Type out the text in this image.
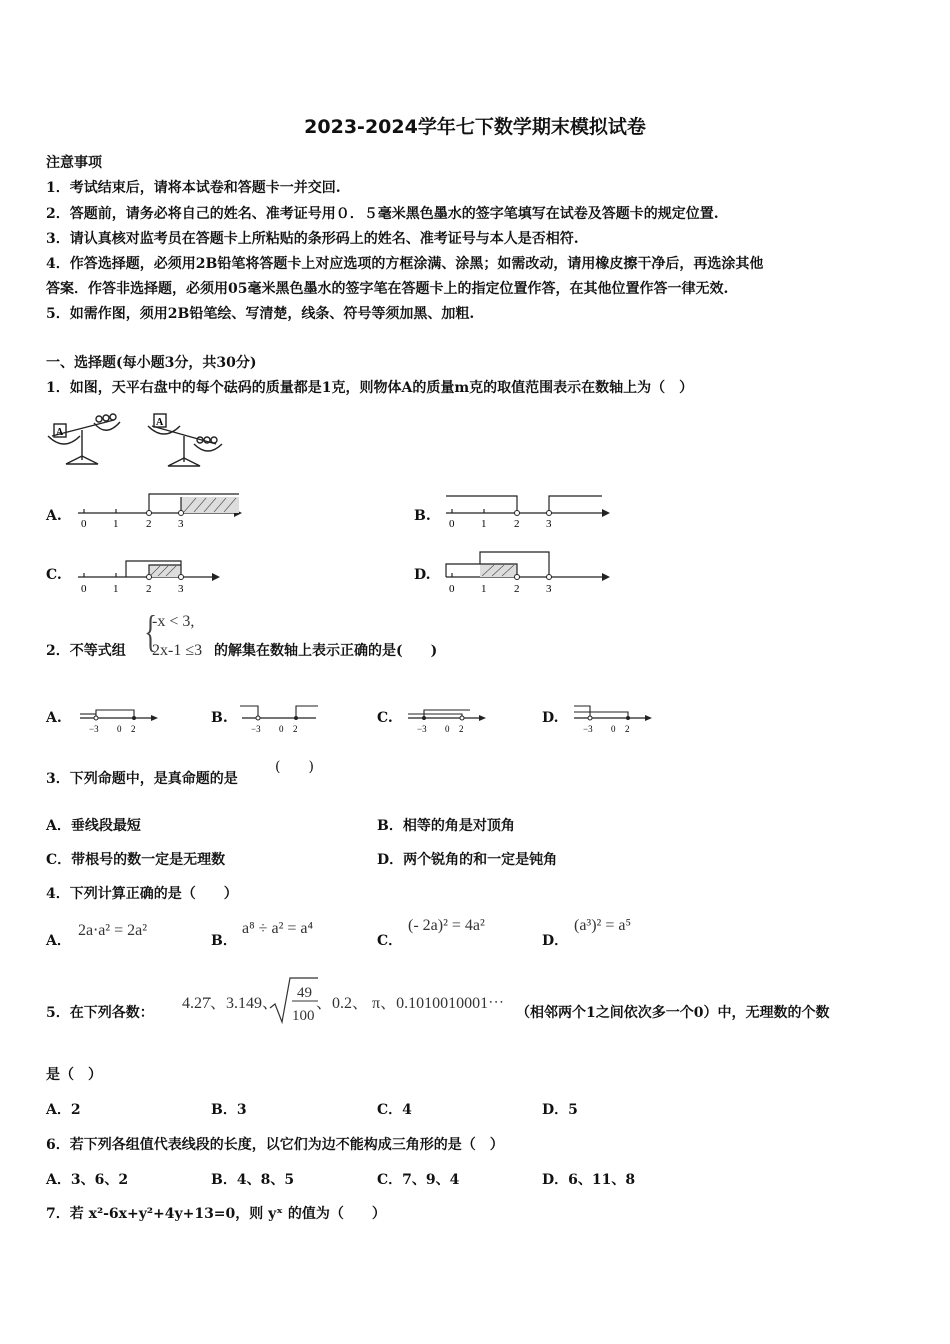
2023-2024学年七下数学期末模拟试卷
注意事项
1．考试结束后，请将本试卷和答题卡一并交回.
2．答题前，请务必将自己的姓名、准考证号用０．５毫米黑色墨水的签字笔填写在试卷及答题卡的规定位置.
3．请认真核对监考员在答题卡上所粘贴的条形码上的姓名、准考证号与本人是否相符.
4．作答选择题，必须用2B铅笔将答题卡上对应选项的方框涂满、涂黑；如需改动，请用橡皮擦干净后，再选涂其他
答案．作答非选择题，必须用05毫米黑色墨水的签字笔在答题卡上的指定位置作答，在其他位置作答一律无效.
5．如需作图，须用2B铅笔绘、写清楚，线条、符号等须加黑、加粗.
一、选择题(每小题3分，共30分)
1．如图，天平右盘中的每个砝码的质量都是1克，则物体A的质量m克的取值范围表示在数轴上为（　）
A
A
A. 0 1	2 3	B. 0 1	2 3
C.
0 1	2 3
D.
0 1	2 3
2．不等式组 {
-x < 3,
2x-1 ≤3 的解集在数轴上表示正确的是(　　)
A.
−3 0 2
B.
−3 0 2
C.
−3 0 2
D.
−3 0 2
3．下列命题中，是真命题的是
(　　)
A．垂线段最短	B．相等的角是对顶角
C．带根号的数一定是无理数	D．两个锐角的和一定是钝角
4．下列计算正确的是（　　）
A．
2a⋅a² = 2a²
B．
a⁸ ÷ a² = a⁴
C．
(- 2a)² = 4a²
D．
(a³)² = a⁵
5．在下列各数：
4.27̇、3.149、
49
100
、0.2、 π、0.1010010001⋯
（相邻两个1之间依次多一个0）中，无理数的个数
是（　）
A．2	B．3	C．4	D．5
6．若下列各组值代表线段的长度，以它们为边不能构成三角形的是（　）
A．3、6、2	B．4、8、5	C．7、9、4	D．6、11、8
7．若 x²-6x+y²+4y+13=0，则 yˣ 的值为（　　）
